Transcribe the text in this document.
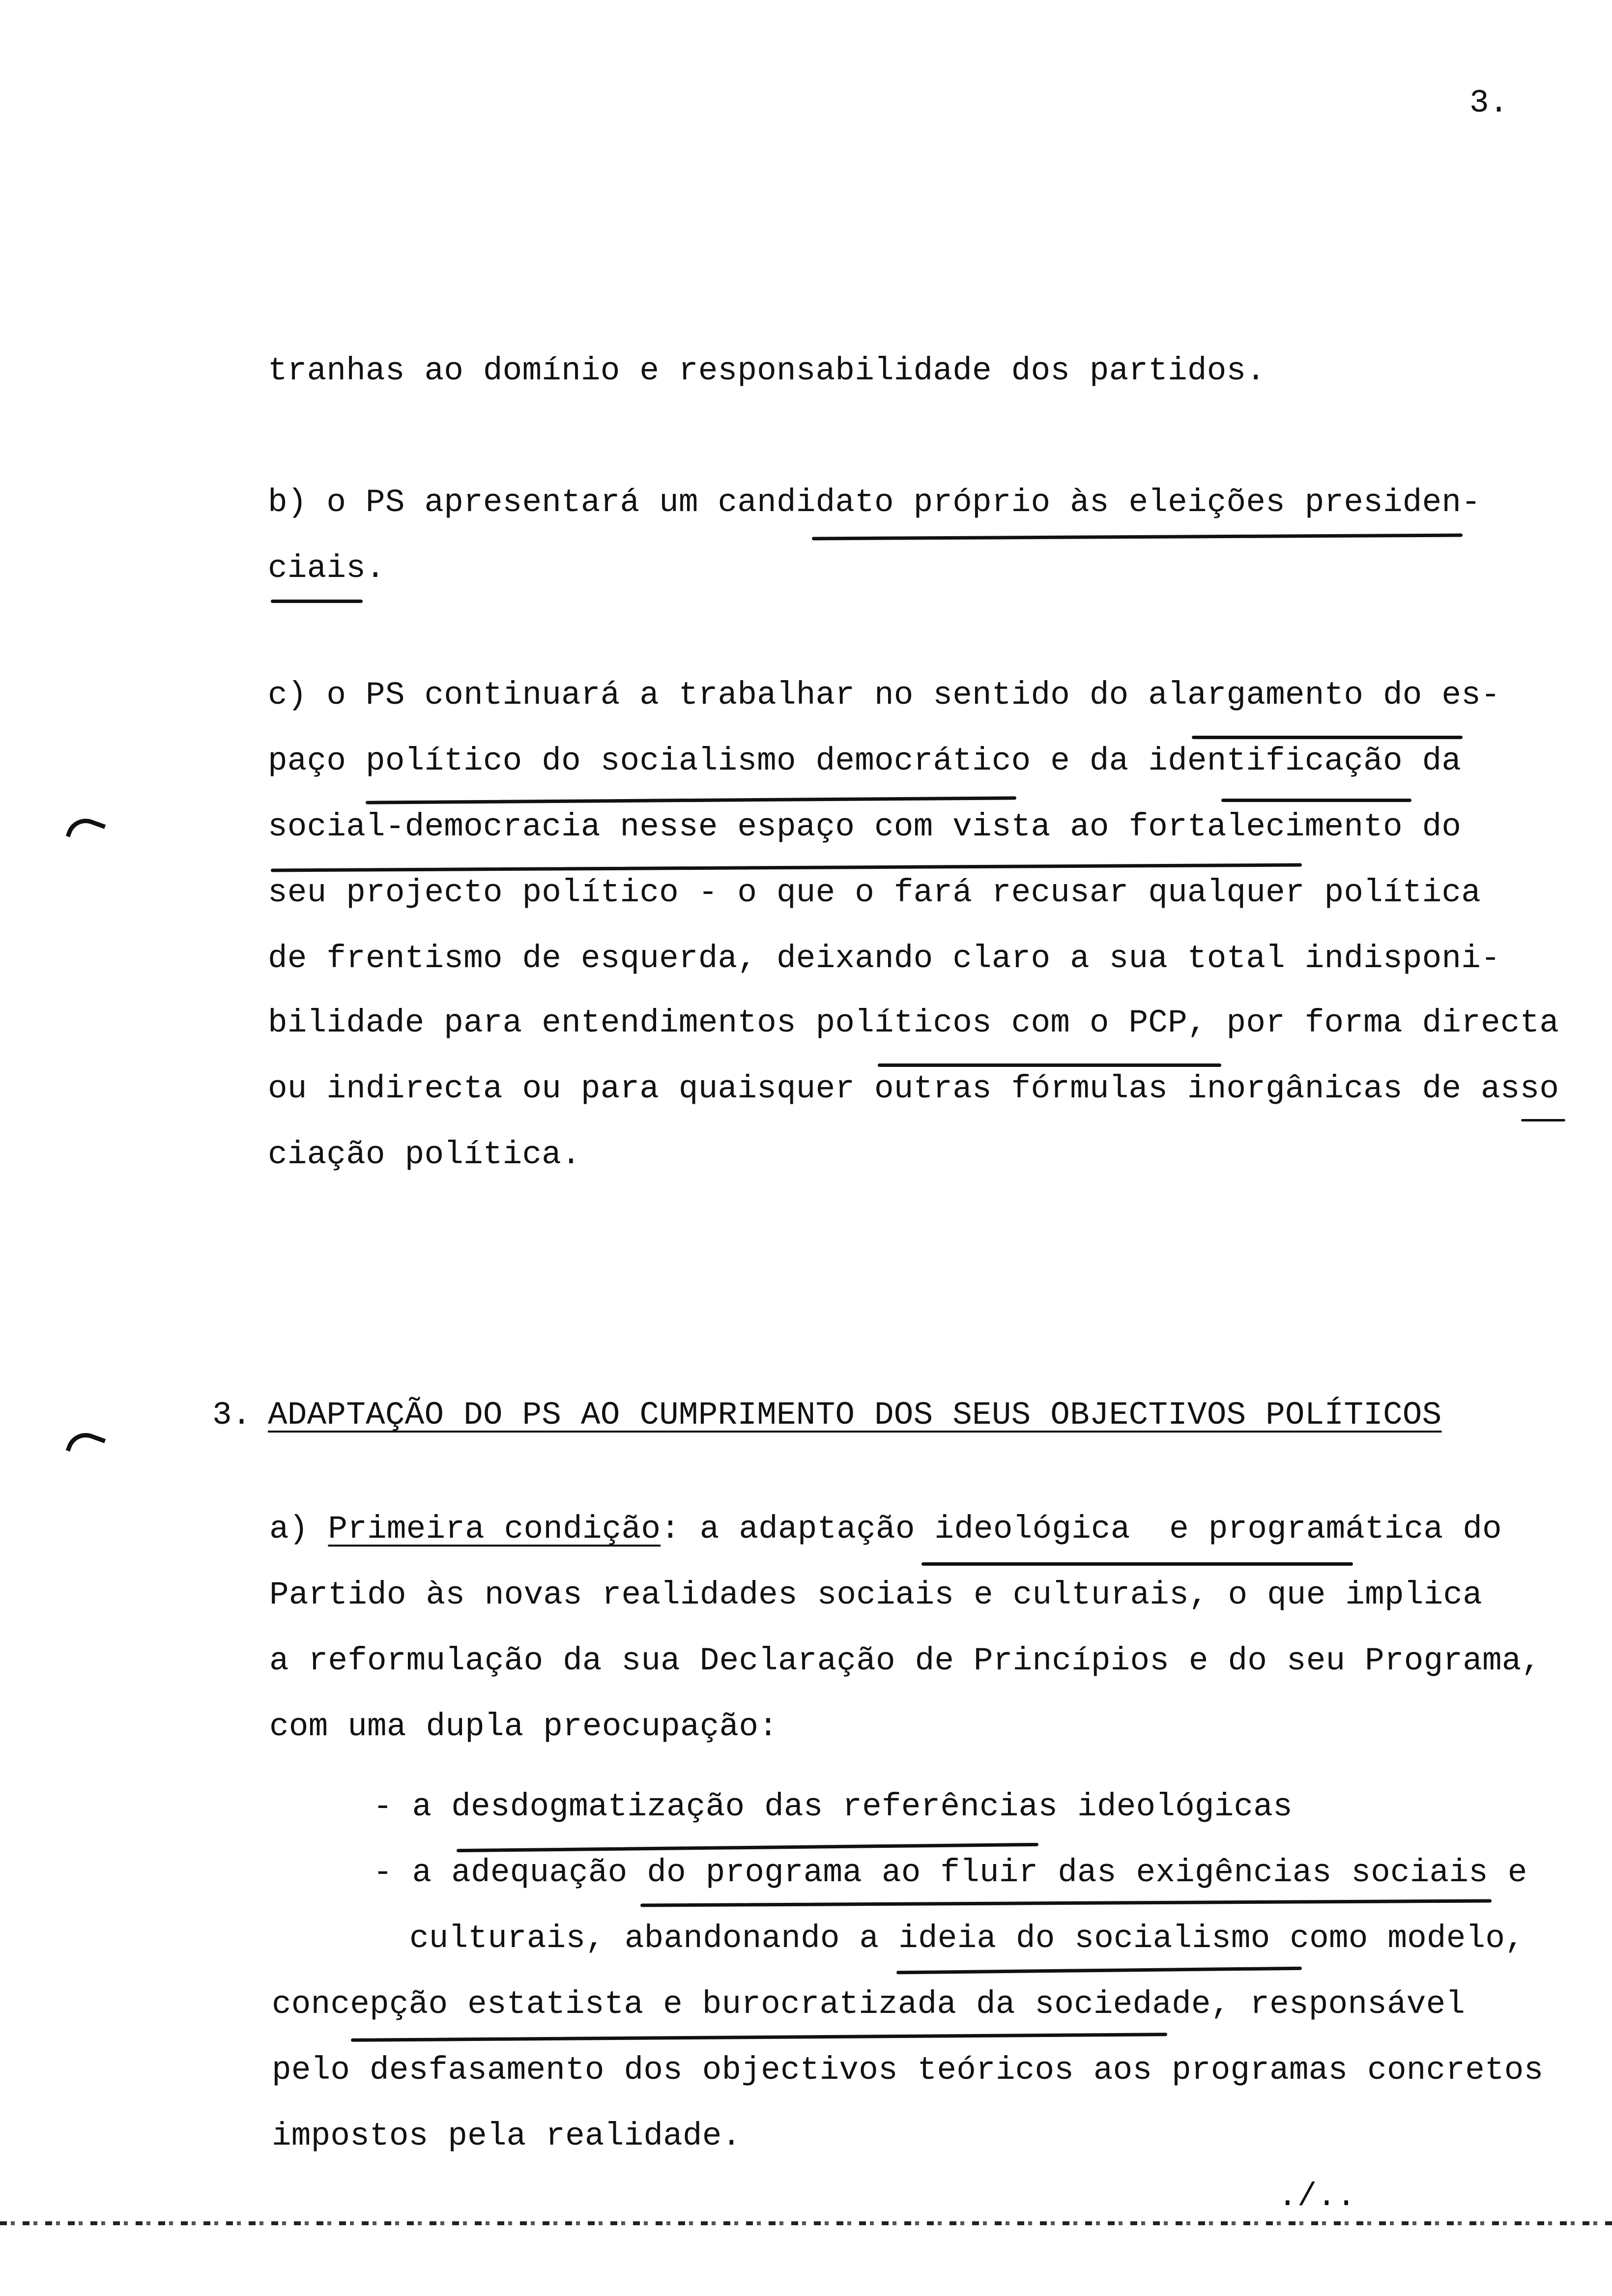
3.
tranhas ao domínio e responsabilidade dos partidos.
b) o PS apresentará um candidato próprio às eleições presiden-
ciais.
c) o PS continuará a trabalhar no sentido do alargamento do es-
paço político do socialismo democrático e da identificação da
social-democracia nesse espaço com vista ao fortalecimento do
seu projecto político - o que o fará recusar qualquer política
de frentismo de esquerda, deixando claro a sua total indisponi-
bilidade para entendimentos políticos com o PCP, por forma directa
ou indirecta ou para quaisquer outras fórmulas inorgânicas de asso
ciação política.
3. ADAPTAÇÃO DO PS AO CUMPRIMENTO DOS SEUS OBJECTIVOS POLÍTICOS
a) Primeira condição: a adaptação ideológica  e programática do
Partido às novas realidades sociais e culturais, o que implica
a reformulação da sua Declaração de Princípios e do seu Programa,
com uma dupla preocupação:
- a desdogmatização das referências ideológicas
- a adequação do programa ao fluir das exigências sociais e
culturais, abandonando a ideia do socialismo como modelo,
concepção estatista e burocratizada da sociedade, responsável
pelo desfasamento dos objectivos teóricos aos programas concretos
impostos pela realidade.
./..
